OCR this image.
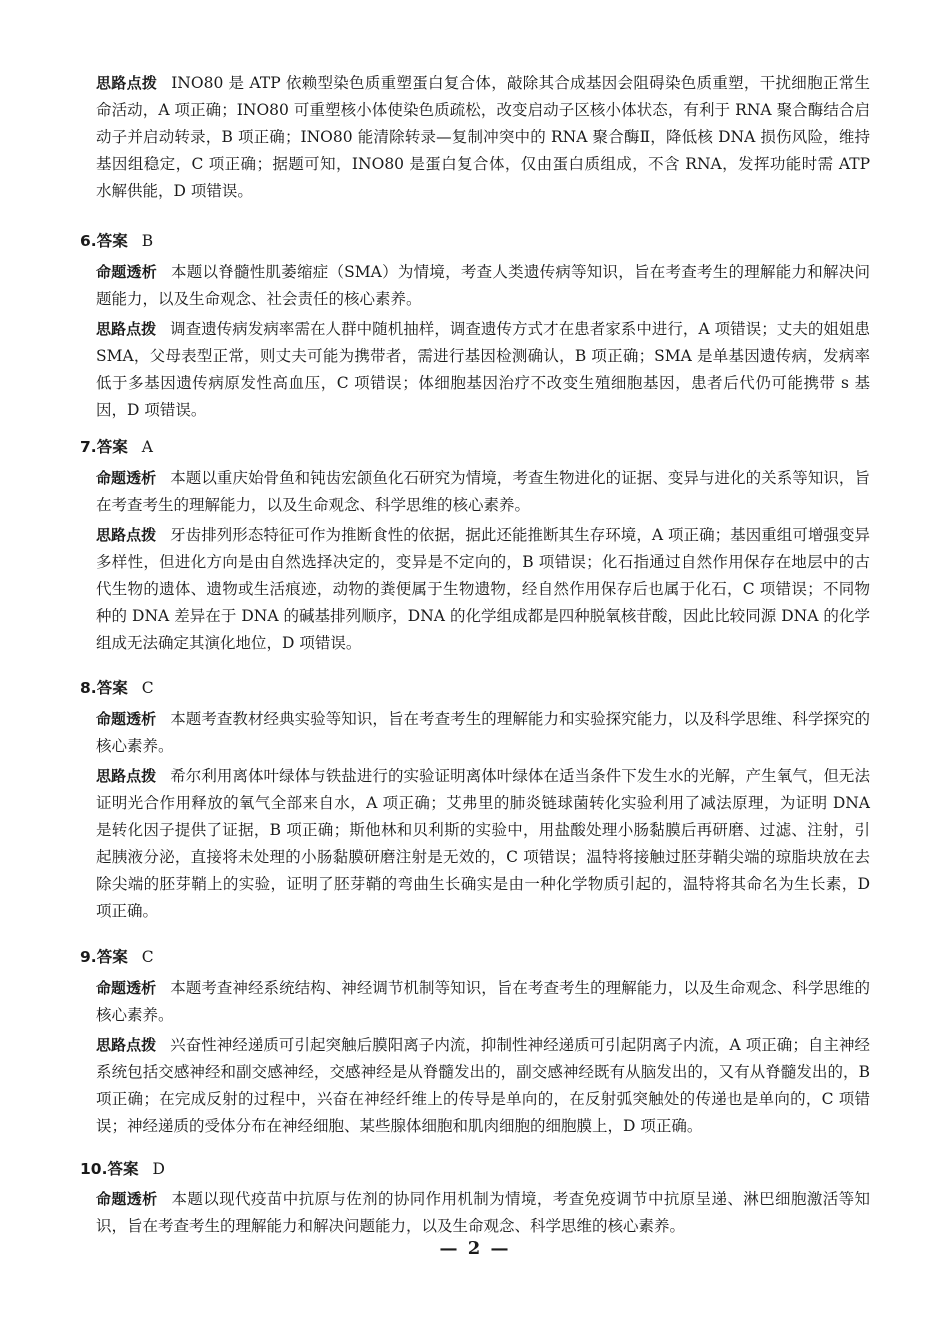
思路点拨 INO80 是 ATP 依赖型染色质重塑蛋白复合体，敲除其合成基因会阻碍染色质重塑，干扰细胞正常生命活动，A 项正确；INO80 可重塑核小体使染色质疏松，改变启动子区核小体状态，有利于 RNA 聚合酶结合启动子并启动转录，B 项正确；INO80 能清除转录—复制冲突中的 RNA 聚合酶Ⅱ，降低核 DNA 损伤风险，维持基因组稳定，C 项正确；据题可知，INO80 是蛋白复合体，仅由蛋白质组成，不含 RNA，发挥功能时需 ATP 水解供能，D 项错误。

6.答案 B

命题透析 本题以脊髓性肌萎缩症（SMA）为情境，考查人类遗传病等知识，旨在考查考生的理解能力和解决问题能力，以及生命观念、社会责任的核心素养。

思路点拨 调查遗传病发病率需在人群中随机抽样，调查遗传方式才在患者家系中进行，A 项错误；丈夫的姐姐患 SMA，父母表型正常，则丈夫可能为携带者，需进行基因检测确认，B 项正确；SMA 是单基因遗传病，发病率低于多基因遗传病原发性高血压，C 项错误；体细胞基因治疗不改变生殖细胞基因，患者后代仍可能携带 s 基因，D 项错误。

7.答案 A

命题透析 本题以重庆始骨鱼和钝齿宏颌鱼化石研究为情境，考查生物进化的证据、变异与进化的关系等知识，旨在考查考生的理解能力，以及生命观念、科学思维的核心素养。

思路点拨 牙齿排列形态特征可作为推断食性的依据，据此还能推断其生存环境，A 项正确；基因重组可增强变异多样性，但进化方向是由自然选择决定的，变异是不定向的，B 项错误；化石指通过自然作用保存在地层中的古代生物的遗体、遗物或生活痕迹，动物的粪便属于生物遗物，经自然作用保存后也属于化石，C 项错误；不同物种的 DNA 差异在于 DNA 的碱基排列顺序，DNA 的化学组成都是四种脱氧核苷酸，因此比较同源 DNA 的化学组成无法确定其演化地位，D 项错误。

8.答案 C

命题透析 本题考查教材经典实验等知识，旨在考查考生的理解能力和实验探究能力，以及科学思维、科学探究的核心素养。

思路点拨 希尔利用离体叶绿体与铁盐进行的实验证明离体叶绿体在适当条件下发生水的光解，产生氧气，但无法证明光合作用释放的氧气全部来自水，A 项正确；艾弗里的肺炎链球菌转化实验利用了减法原理，为证明 DNA 是转化因子提供了证据，B 项正确；斯他林和贝利斯的实验中，用盐酸处理小肠黏膜后再研磨、过滤、注射，引起胰液分泌，直接将未处理的小肠黏膜研磨注射是无效的，C 项错误；温特将接触过胚芽鞘尖端的琼脂块放在去除尖端的胚芽鞘上的实验，证明了胚芽鞘的弯曲生长确实是由一种化学物质引起的，温特将其命名为生长素，D 项正确。

9.答案 C

命题透析 本题考查神经系统结构、神经调节机制等知识，旨在考查考生的理解能力，以及生命观念、科学思维的核心素养。

思路点拨 兴奋性神经递质可引起突触后膜阳离子内流，抑制性神经递质可引起阴离子内流，A 项正确；自主神经系统包括交感神经和副交感神经，交感神经是从脊髓发出的，副交感神经既有从脑发出的，又有从脊髓发出的，B 项正确；在完成反射的过程中，兴奋在神经纤维上的传导是单向的，在反射弧突触处的传递也是单向的，C 项错误；神经递质的受体分布在神经细胞、某些腺体细胞和肌肉细胞的细胞膜上，D 项正确。

10.答案 D

命题透析 本题以现代疫苗中抗原与佐剂的协同作用机制为情境，考查免疫调节中抗原呈递、淋巴细胞激活等知识，旨在考查考生的理解能力和解决问题能力，以及生命观念、科学思维的核心素养。

— 2 —
